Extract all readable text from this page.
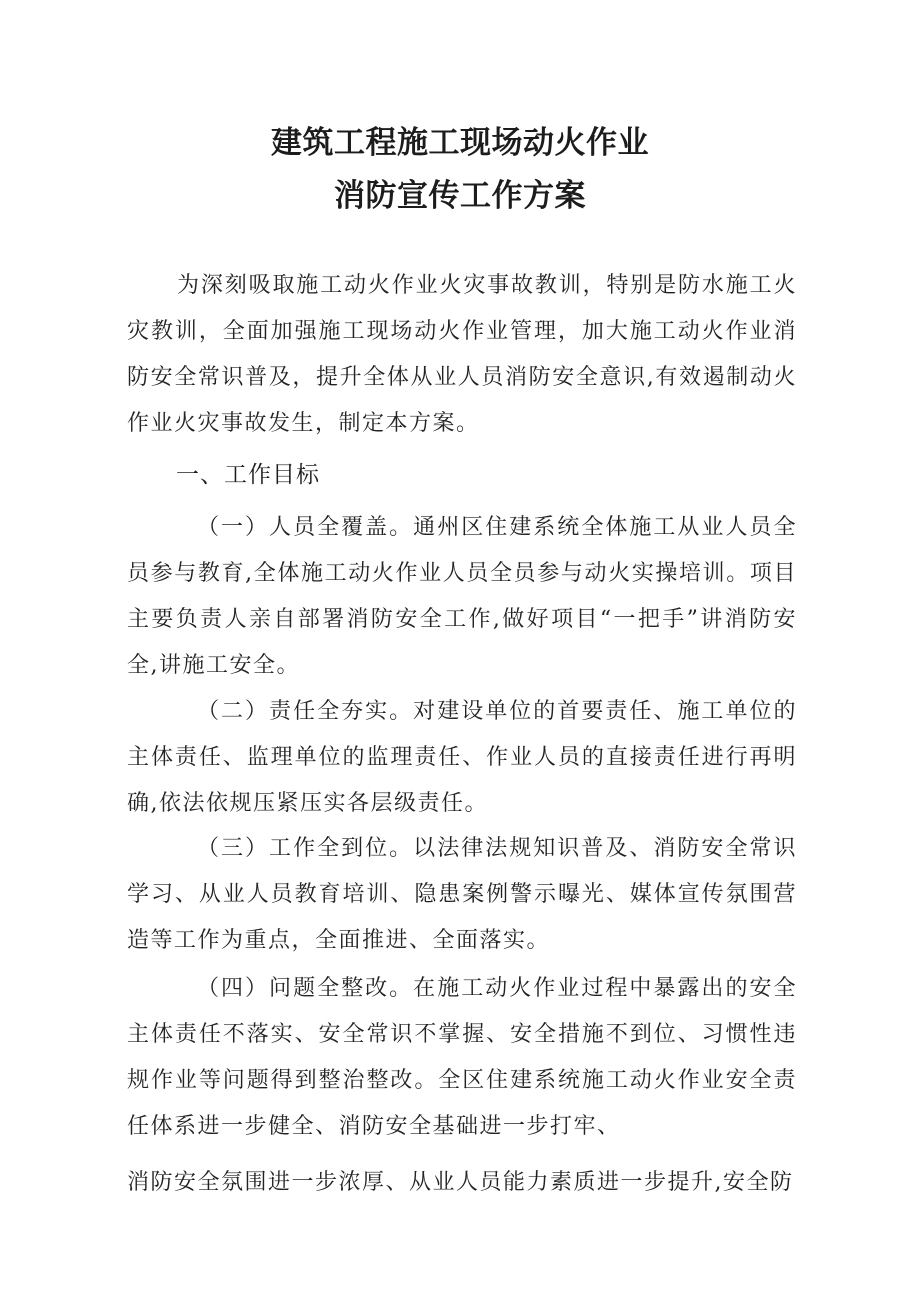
建筑工程施工现场动火作业
消防宣传工作方案
为深刻吸取施工动火作业火灾事故教训，特别是防水施工火灾教训，全面加强施工现场动火作业管理，加大施工动火作业消防安全常识普及，提升全体从业人员消防安全意识,有效遏制动火作业火灾事故发生，制定本方案。
一、工作目标
（一）人员全覆盖。通州区住建系统全体施工从业人员全员参与教育,全体施工动火作业人员全员参与动火实操培训。项目主要负责人亲自部署消防安全工作,做好项目“一把手”讲消防安全,讲施工安全。
（二）责任全夯实。对建设单位的首要责任、施工单位的主体责任、监理单位的监理责任、作业人员的直接责任进行再明确,依法依规压紧压实各层级责任。
（三）工作全到位。以法律法规知识普及、消防安全常识学习、从业人员教育培训、隐患案例警示曝光、媒体宣传氛围营造等工作为重点，全面推进、全面落实。
（四）问题全整改。在施工动火作业过程中暴露出的安全主体责任不落实、安全常识不掌握、安全措施不到位、习惯性违规作业等问题得到整治整改。全区住建系统施工动火作业安全责任体系进一步健全、消防安全基础进一步打牢、
消防安全氛围进一步浓厚、从业人员能力素质进一步提升,安全防
